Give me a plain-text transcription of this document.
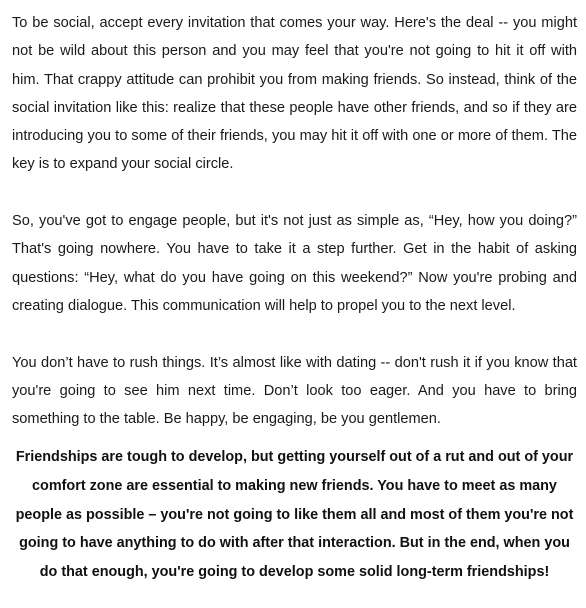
To be social, accept every invitation that comes your way. Here's the deal -- you might not be wild about this person and you may feel that you're not going to hit it off with him. That crappy attitude can prohibit you from making friends. So instead, think of the social invitation like this: realize that these people have other friends, and so if they are introducing you to some of their friends, you may hit it off with one or more of them. The key is to expand your social circle.

So, you've got to engage people, but it's not just as simple as, “Hey, how you doing?” That's going nowhere. You have to take it a step further. Get in the habit of asking questions: “Hey, what do you have going on this weekend?” Now you're probing and creating dialogue. This communication will help to propel you to the next level.

You don’t have to rush things. It’s almost like with dating -- don't rush it if you know that you're going to see him next time. Don’t look too eager. And you have to bring something to the table. Be happy, be engaging, be you gentlemen.

Friendships are tough to develop, but getting yourself out of a rut and out of your comfort zone are essential to making new friends. You have to meet as many people as possible – you're not going to like them all and most of them you're not going to have anything to do with after that interaction. But in the end, when you do that enough, you're going to develop some solid long-term friendships!
